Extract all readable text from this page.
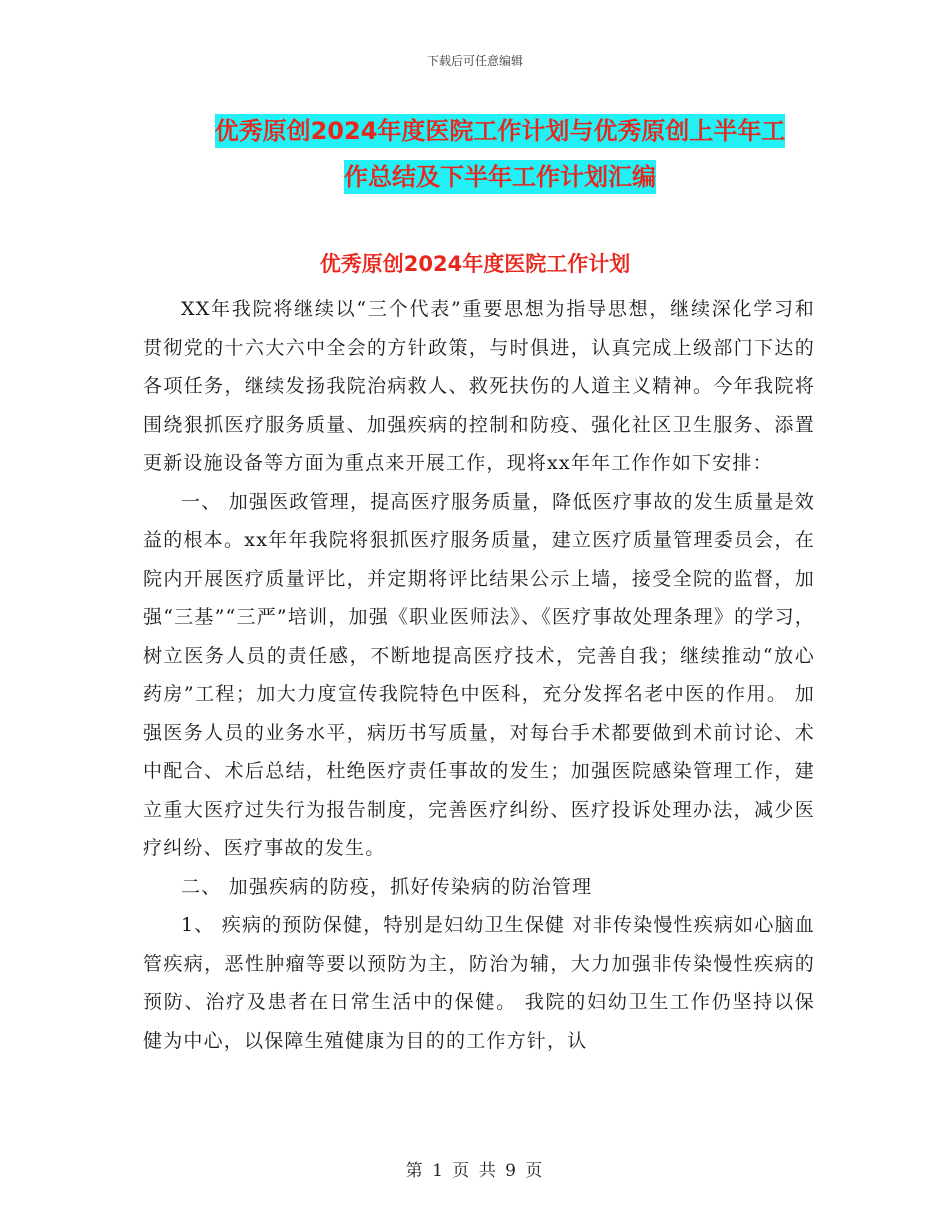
下载后可任意编辑
优秀原创2024年度医院工作计划与优秀原创上半年工
作总结及下半年工作计划汇编
优秀原创2024年度医院工作计划

XX年我院将继续以“三个代表”重要思想为指导思想，继续深化学习和贯彻党的十六大六中全会的方针政策，与时俱进，认真完成上级部门下达的各项任务，继续发扬我院治病救人、救死扶伤的人道主义精神。今年我院将围绕狠抓医疗服务质量、加强疾病的控制和防疫、强化社区卫生服务、添置更新设施设备等方面为重点来开展工作，现将xx年年工作作如下安排：

一、 加强医政管理，提高医疗服务质量，降低医疗事故的发生质量是效益的根本。xx年年我院将狠抓医疗服务质量，建立医疗质量管理委员会，在院内开展医疗质量评比，并定期将评比结果公示上墙，接受全院的监督，加强“三基”“三严”培训，加强《职业医师法》、《医疗事故处理条理》的学习，树立医务人员的责任感，不断地提高医疗技术，完善自我；继续推动“放心药房”工程；加大力度宣传我院特色中医科，充分发挥名老中医的作用。 加强医务人员的业务水平，病历书写质量，对每台手术都要做到术前讨论、术中配合、术后总结，杜绝医疗责任事故的发生；加强医院感染管理工作，建立重大医疗过失行为报告制度，完善医疗纠纷、医疗投诉处理办法，减少医疗纠纷、医疗事故的发生。

二、 加强疾病的防疫，抓好传染病的防治管理

1、 疾病的预防保健，特别是妇幼卫生保健 对非传染慢性疾病如心脑血管疾病，恶性肿瘤等要以预防为主，防治为辅，大力加强非传染慢性疾病的预防、治疗及患者在日常生活中的保健。 我院的妇幼卫生工作仍坚持以保健为中心，以保障生殖健康为目的的工作方针，认

第 1 页 共 9 页
